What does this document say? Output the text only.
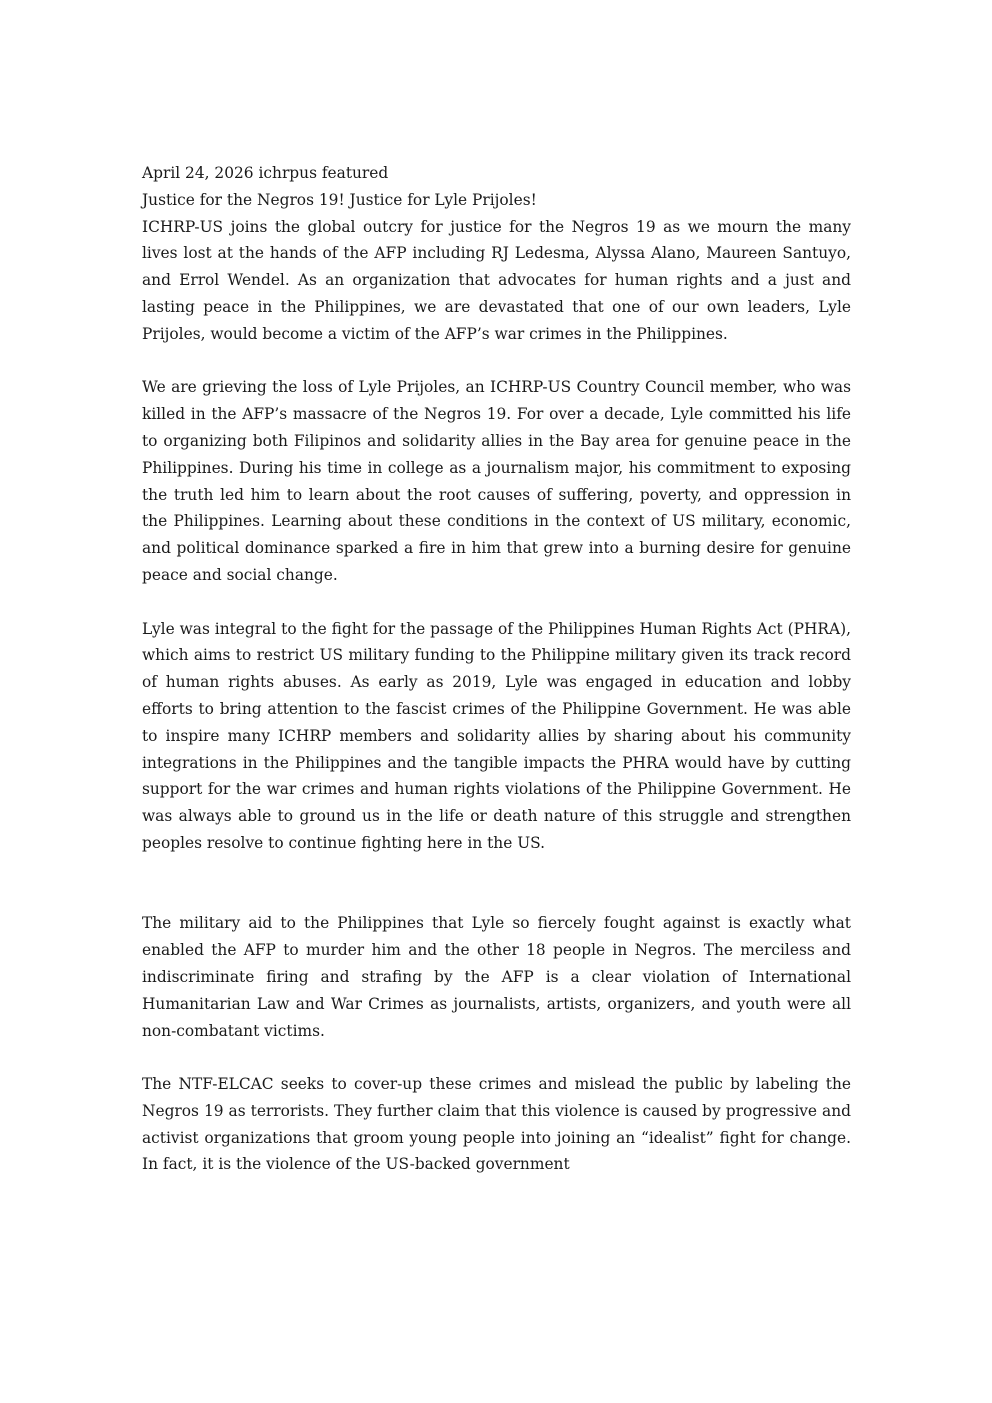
April 24, 2026 ichrpus featured
Justice for the Negros 19! Justice for Lyle Prijoles!

ICHRP-US joins the global outcry for justice for the Negros 19 as we mourn the many lives lost at the hands of the AFP including RJ Ledesma, Alyssa Alano, Maureen Santuyo, and Errol Wendel. As an organization that advocates for human rights and a just and lasting peace in the Philippines, we are devastated that one of our own leaders, Lyle Prijoles, would become a victim of the AFP’s war crimes in the Philippines.

We are grieving the loss of Lyle Prijoles, an ICHRP-US Country Council member, who was killed in the AFP’s massacre of the Negros 19. For over a decade, Lyle committed his life to organizing both Filipinos and solidarity allies in the Bay area for genuine peace in the Philippines. During his time in college as a journalism major, his commitment to exposing the truth led him to learn about the root causes of suffering, poverty, and oppression in the Philippines. Learning about these conditions in the context of US military, economic, and political dominance sparked a fire in him that grew into a burning desire for genuine peace and social change.

Lyle was integral to the fight for the passage of the Philippines Human Rights Act (PHRA), which aims to restrict US military funding to the Philippine military given its track record of human rights abuses. As early as 2019, Lyle was engaged in education and lobby efforts to bring attention to the fascist crimes of the Philippine Government. He was able to inspire many ICHRP members and solidarity allies by sharing about his community integrations in the Philippines and the tangible impacts the PHRA would have by cutting support for the war crimes and human rights violations of the Philippine Government. He was always able to ground us in the life or death nature of this struggle and strengthen peoples resolve to continue fighting here in the US.

The military aid to the Philippines that Lyle so fiercely fought against is exactly what enabled the AFP to murder him and the other 18 people in Negros. The merciless and indiscriminate firing and strafing by the AFP is a clear violation of International Humanitarian Law and War Crimes as journalists, artists, organizers, and youth were all non-combatant victims.

The NTF-ELCAC seeks to cover-up these crimes and mislead the public by labeling the Negros 19 as terrorists. They further claim that this violence is caused by progressive and activist organizations that groom young people into joining an “idealist” fight for change. In fact, it is the violence of the US-backed government
